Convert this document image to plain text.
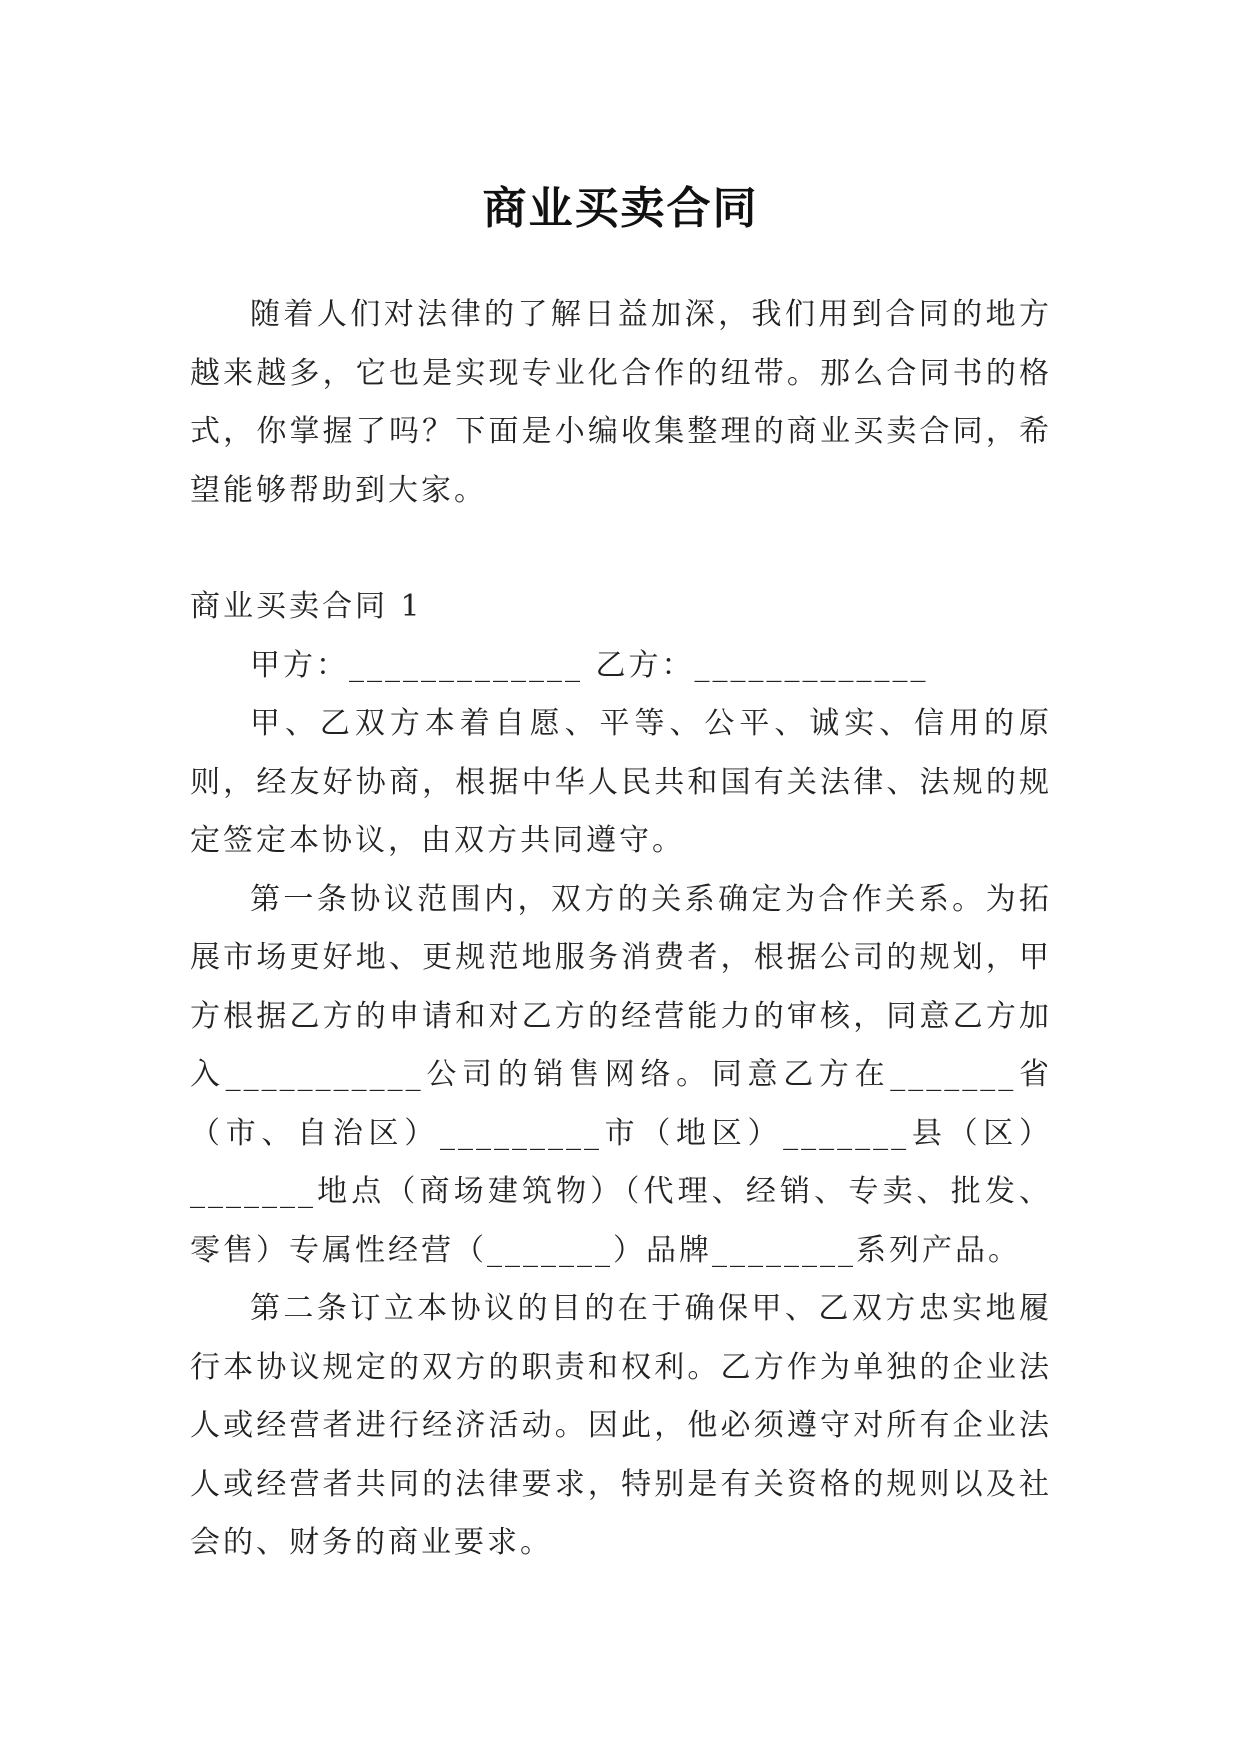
商业买卖合同

随着人们对法律的了解日益加深，我们用到合同的地方越来越多，它也是实现专业化合作的纽带。那么合同书的格式，你掌握了吗？下面是小编收集整理的商业买卖合同，希望能够帮助到大家。

商业买卖合同 1

甲方：_____________ 乙方：_____________

甲、乙双方本着自愿、平等、公平、诚实、信用的原则，经友好协商，根据中华人民共和国有关法律、法规的规定签定本协议，由双方共同遵守。

第一条协议范围内，双方的关系确定为合作关系。为拓展市场更好地、更规范地服务消费者，根据公司的规划，甲方根据乙方的申请和对乙方的经营能力的审核，同意乙方加入___________公司的销售网络。同意乙方在_______省（市、自治区）_________市（地区）_______县（区）_______地点（商场建筑物）（代理、经销、专卖、批发、零售）专属性经营（_______）品牌________系列产品。

第二条订立本协议的目的在于确保甲、乙双方忠实地履行本协议规定的双方的职责和权利。乙方作为单独的企业法人或经营者进行经济活动。因此，他必须遵守对所有企业法人或经营者共同的法律要求，特别是有关资格的规则以及社会的、财务的商业要求。
